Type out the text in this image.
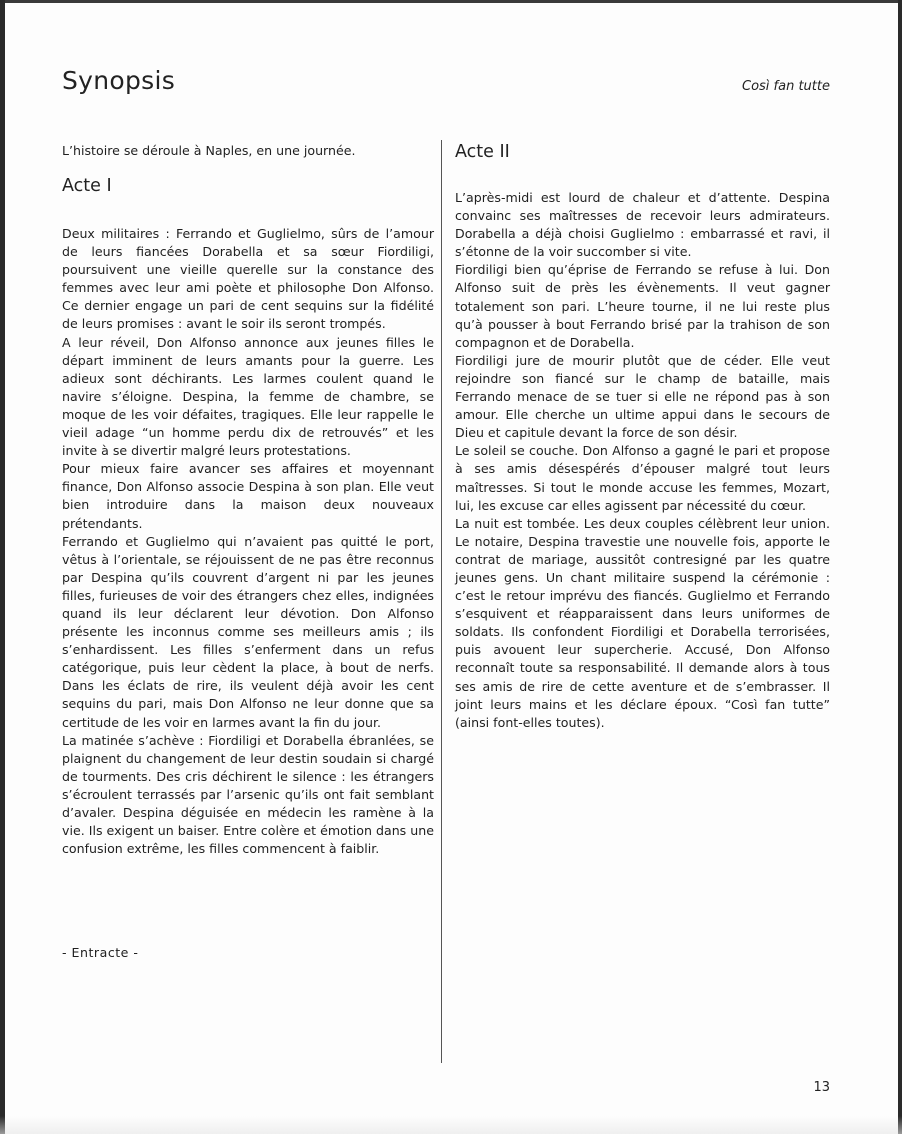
Synopsis	Così fan tutte

L’histoire se déroule à Naples, en une journée.

Acte I

Deux militaires : Ferrando et Guglielmo, sûrs de l’amour de leurs fiancées Dorabella et sa sœur Fiordiligi, poursuivent une vieille querelle sur la constance des femmes avec leur ami poète et philosophe Don Alfonso. Ce dernier engage un pari de cent sequins sur la fidélité de leurs promises : avant le soir ils seront trompés.

A leur réveil, Don Alfonso annonce aux jeunes filles le départ imminent de leurs amants pour la guerre. Les adieux sont déchirants. Les larmes coulent quand le navire s’éloigne. Despina, la femme de chambre, se moque de les voir défaites, tragiques. Elle leur rappelle le vieil adage “un homme perdu dix de retrouvés” et les invite à se divertir malgré leurs protestations.

Pour mieux faire avancer ses affaires et moyennant finance, Don Alfonso associe Despina à son plan. Elle veut bien introduire dans la maison deux nouveaux prétendants.

Ferrando et Guglielmo qui n’avaient pas quitté le port, vêtus à l’orientale, se réjouissent de ne pas être reconnus par Despina qu’ils couvrent d’argent ni par les jeunes filles, furieuses de voir des étrangers chez elles, indignées quand ils leur déclarent leur dévotion. Don Alfonso présente les inconnus comme ses meilleurs amis ; ils s’enhardissent. Les filles s’enferment dans un refus catégorique, puis leur cèdent la place, à bout de nerfs. Dans les éclats de rire, ils veulent déjà avoir les cent sequins du pari, mais Don Alfonso ne leur donne que sa certitude de les voir en larmes avant la fin du jour.

La matinée s’achève : Fiordiligi et Dorabella ébranlées, se plaignent du changement de leur destin soudain si chargé de tourments. Des cris déchirent le silence : les étrangers s’écroulent terrassés par l’arsenic qu’ils ont fait semblant d’avaler. Despina déguisée en médecin les ramène à la vie. Ils exigent un baiser. Entre colère et émotion dans une confusion extrême, les filles commencent à faiblir.

- Entracte -

Acte II

L’après-midi est lourd de chaleur et d’attente. Despina convainc ses maîtresses de recevoir leurs admirateurs. Dorabella a déjà choisi Guglielmo : embarrassé et ravi, il s’étonne de la voir succomber si vite.

Fiordiligi bien qu’éprise de Ferrando se refuse à lui. Don Alfonso suit de près les évènements. Il veut gagner totalement son pari. L’heure tourne, il ne lui reste plus qu’à pousser à bout Ferrando brisé par la trahison de son compagnon et de Dorabella.

Fiordiligi jure de mourir plutôt que de céder. Elle veut rejoindre son fiancé sur le champ de bataille, mais Ferrando menace de se tuer si elle ne répond pas à son amour. Elle cherche un ultime appui dans le secours de Dieu et capitule devant la force de son désir.

Le soleil se couche. Don Alfonso a gagné le pari et propose à ses amis désespérés d’épouser malgré tout leurs maîtresses. Si tout le monde accuse les femmes, Mozart, lui, les excuse car elles agissent par nécessité du cœur.

La nuit est tombée. Les deux couples célèbrent leur union. Le notaire, Despina travestie une nouvelle fois, apporte le contrat de mariage, aussitôt contresigné par les quatre jeunes gens. Un chant militaire suspend la cérémonie : c’est le retour imprévu des fiancés. Guglielmo et Ferrando s’esquivent et réapparaissent dans leurs uniformes de soldats. Ils confondent Fiordiligi et Dorabella terrorisées, puis avouent leur supercherie. Accusé, Don Alfonso reconnaît toute sa responsabilité. Il demande alors à tous ses amis de rire de cette aventure et de s’embrasser. Il joint leurs mains et les déclare époux. “Così fan tutte” (ainsi font-elles toutes).

13
